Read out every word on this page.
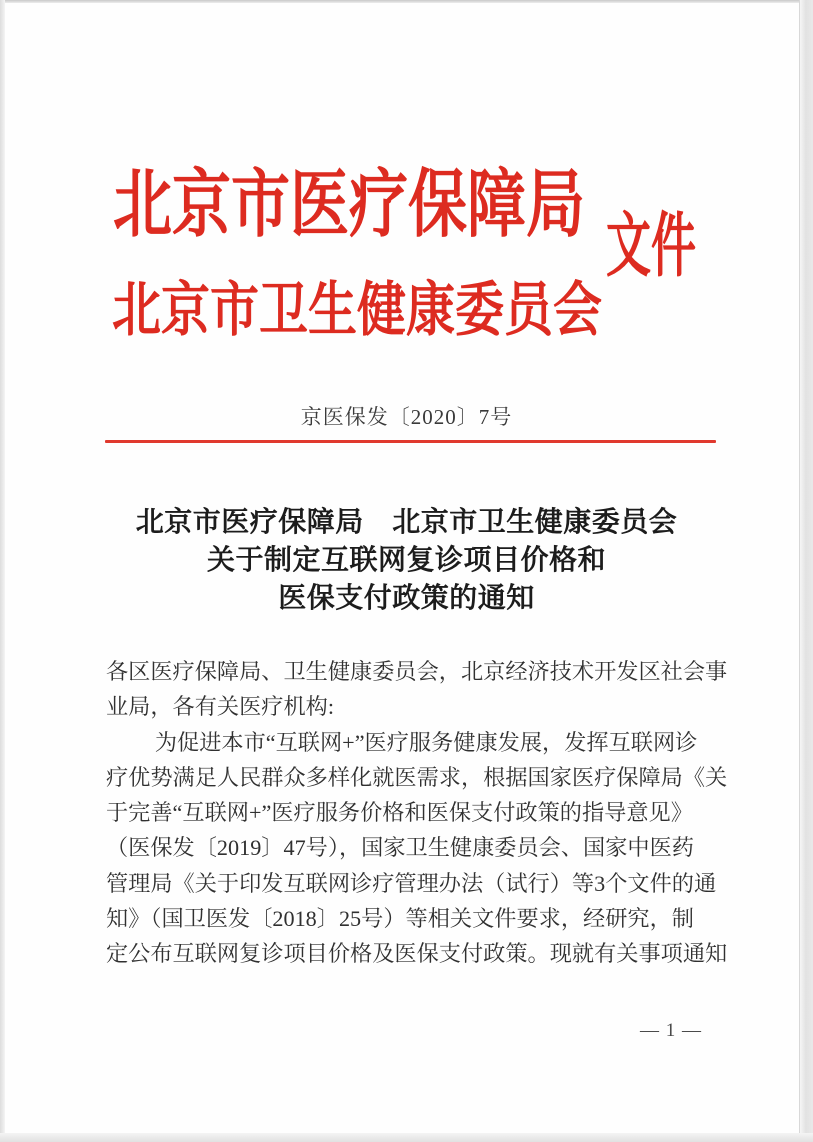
北京市医疗保障局
北京市卫生健康委员会
文件
京医保发〔2020〕7号
北京市医疗保障局　北京市卫生健康委员会
关于制定互联网复诊项目价格和
医保支付政策的通知
各区医疗保障局、卫生健康委员会，北京经济技术开发区社会事
业局，各有关医疗机构:
为促进本市“互联网+”医疗服务健康发展，发挥互联网诊
疗优势满足人民群众多样化就医需求，根据国家医疗保障局《关
于完善“互联网+”医疗服务价格和医保支付政策的指导意见》
（医保发〔2019〕47号），国家卫生健康委员会、国家中医药
管理局《关于印发互联网诊疗管理办法（试行）等3个文件的通
知》（国卫医发〔2018〕25号）等相关文件要求，经研究，制
定公布互联网复诊项目价格及医保支付政策。现就有关事项通知
— 1 —
